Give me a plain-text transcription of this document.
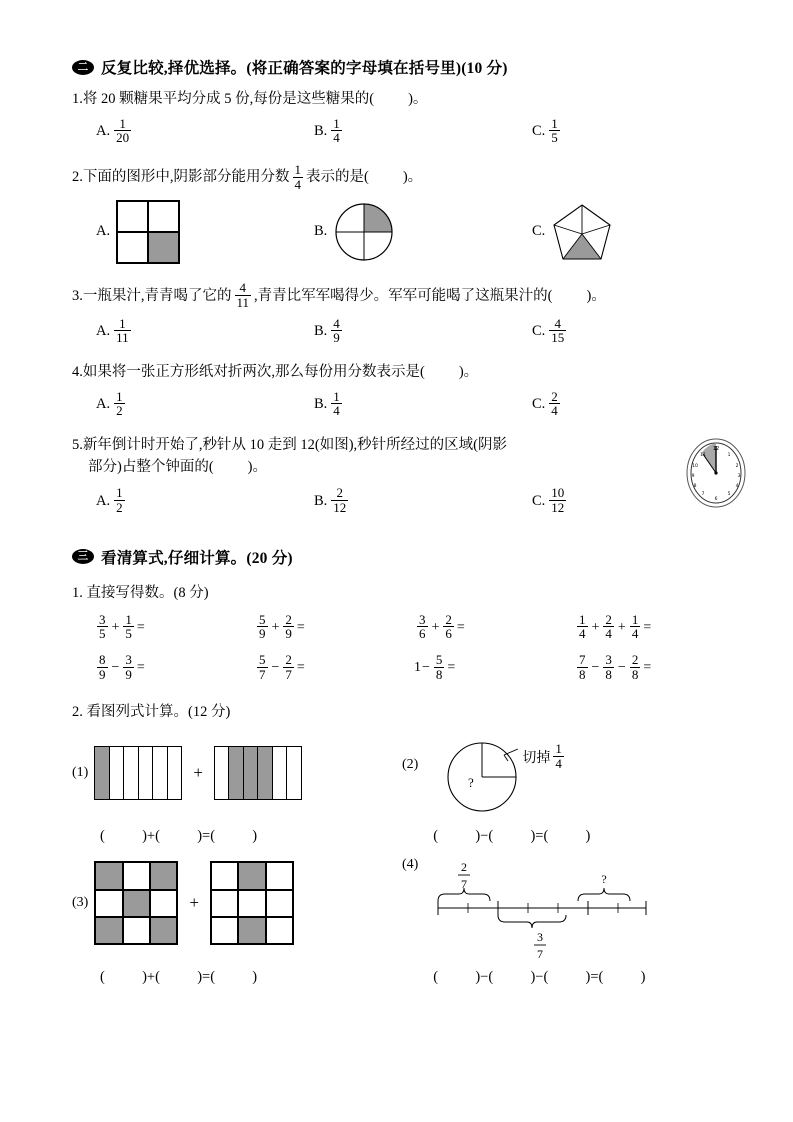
二 反复比较,择优选择。(将正确答案的字母填在括号里)(10 分)
1. 将 20 颗糖果平均分成 5 份,每份是这些糖果的( )。
A. $\frac{1}{20}$	B. $\frac{1}{4}$	C. $\frac{1}{5}$
2. 下面的图形中,阴影部分能用分数 $\frac{1}{4}$ 表示的是( )。
A.	B.	C.
3. 一瓶果汁,青青喝了它的 $\frac{4}{11}$ ,青青比军军喝得少。军军可能喝了这瓶果汁的( )。
A. $\frac{1}{11}$	B. $\frac{4}{9}$	C. $\frac{4}{15}$
4. 如果将一张正方形纸对折两次,那么每份用分数表示是( )。
A. $\frac{1}{2}$	B. $\frac{1}{4}$	C. $\frac{2}{4}$
5. 新年倒计时开始了,秒针从 10 走到 12(如图),秒针所经过的区域(阴影
部分)占整个钟面的( )。
12
1
2
3
4
5
6
7
8
9
10
11
A. $\frac{1}{2}$	B. $\frac{2}{12}$	C. $\frac{10}{12}$
三 看清算式,仔细计算。(20 分)
1. 直接写得数。(8 分)
$\frac{3}{5} + \frac{1}{5}$ =	$\frac{5}{9} + \frac{2}{9}$ =	$\frac{3}{6} + \frac{2}{6}$ =	$\frac{1}{4} + \frac{2}{4} + \frac{1}{4}$ =
$\frac{8}{9} - \frac{3}{9}$ =	$\frac{5}{7} - \frac{2}{7}$ =	$1 - \frac{5}{8}$ =	$\frac{7}{8} - \frac{3}{8} - \frac{2}{8}$ =
2. 看图列式计算。(12 分)
(1)	+	(2)
?
切掉 $\frac{1}{4}$
(	)+(	)=(	)	(	)−(	)=(	)
(3)	+
(4)	2
7	?
3
7
(	)+(	)=(	)	(	)−(	)−(	)=(	)
